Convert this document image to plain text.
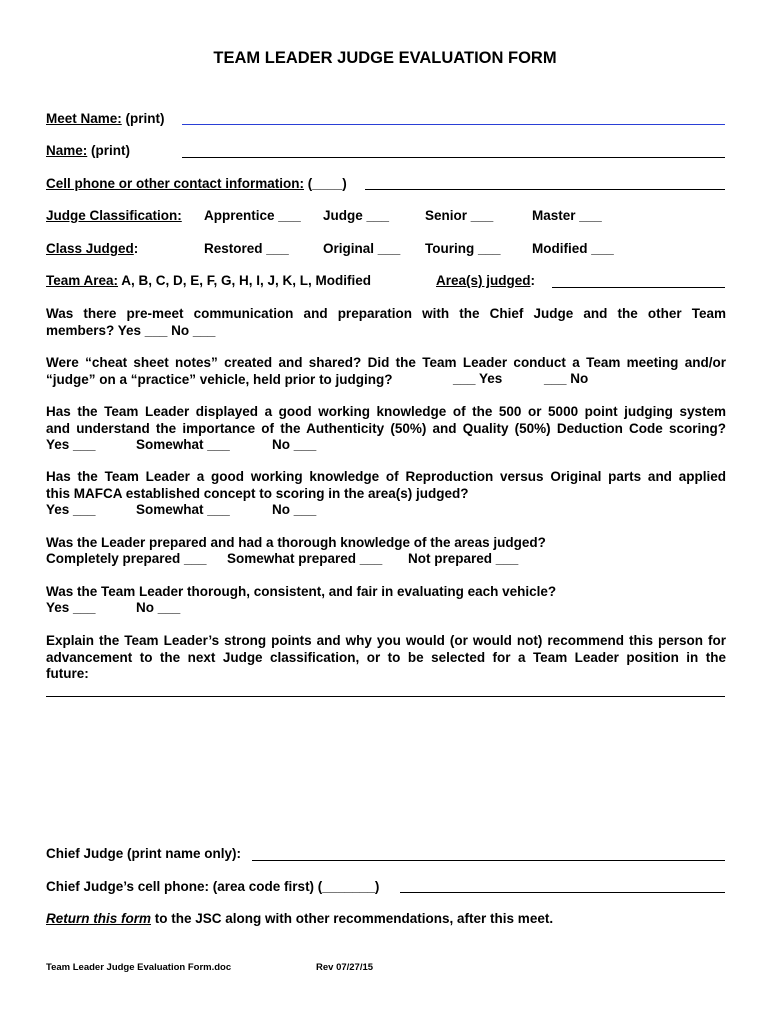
TEAM LEADER JUDGE EVALUATION FORM
Meet Name: (print)
Name: (print)
Cell phone or other contact information: (____)
Judge Classification: Apprentice ___ Judge ___	Senior ___	Master ___
Class Judged:	Restored ___	Original ___ Touring ___ Modified ___
Team Area: A, B, C, D, E, F, G, H, I, J, K, L, Modified	Area(s) judged:
Was there pre-meet communication and preparation with the Chief Judge and the other Team
members? Yes ___ No ___
Were “cheat sheet notes” created and shared? Did the Team Leader conduct a Team meeting and/or
“judge” on a “practice” vehicle, held prior to judging?	___ Yes	___ No
Has the Team Leader displayed a good working knowledge of the 500 or 5000 point judging system
and understand the importance of the Authenticity (50%) and Quality (50%) Deduction Code scoring?
Yes ___	Somewhat ___	No ___
Has the Team Leader a good working knowledge of Reproduction versus Original parts and applied
this MAFCA established concept to scoring in the area(s) judged?
Yes ___	Somewhat ___	No ___
Was the Leader prepared and had a thorough knowledge of the areas judged?
Completely prepared ___ Somewhat prepared ___ Not prepared ___
Was the Team Leader thorough, consistent, and fair in evaluating each vehicle?
Yes ___	No ___
Explain the Team Leader’s strong points and why you would (or would not) recommend this person for
advancement to the next Judge classification, or to be selected for a Team Leader position in the
future:
Chief Judge (print name only):
Chief Judge’s cell phone: (area code first) (_______)
Return this form to the JSC along with other recommendations, after this meet.
Team Leader Judge Evaluation Form.doc	Rev 07/27/15
